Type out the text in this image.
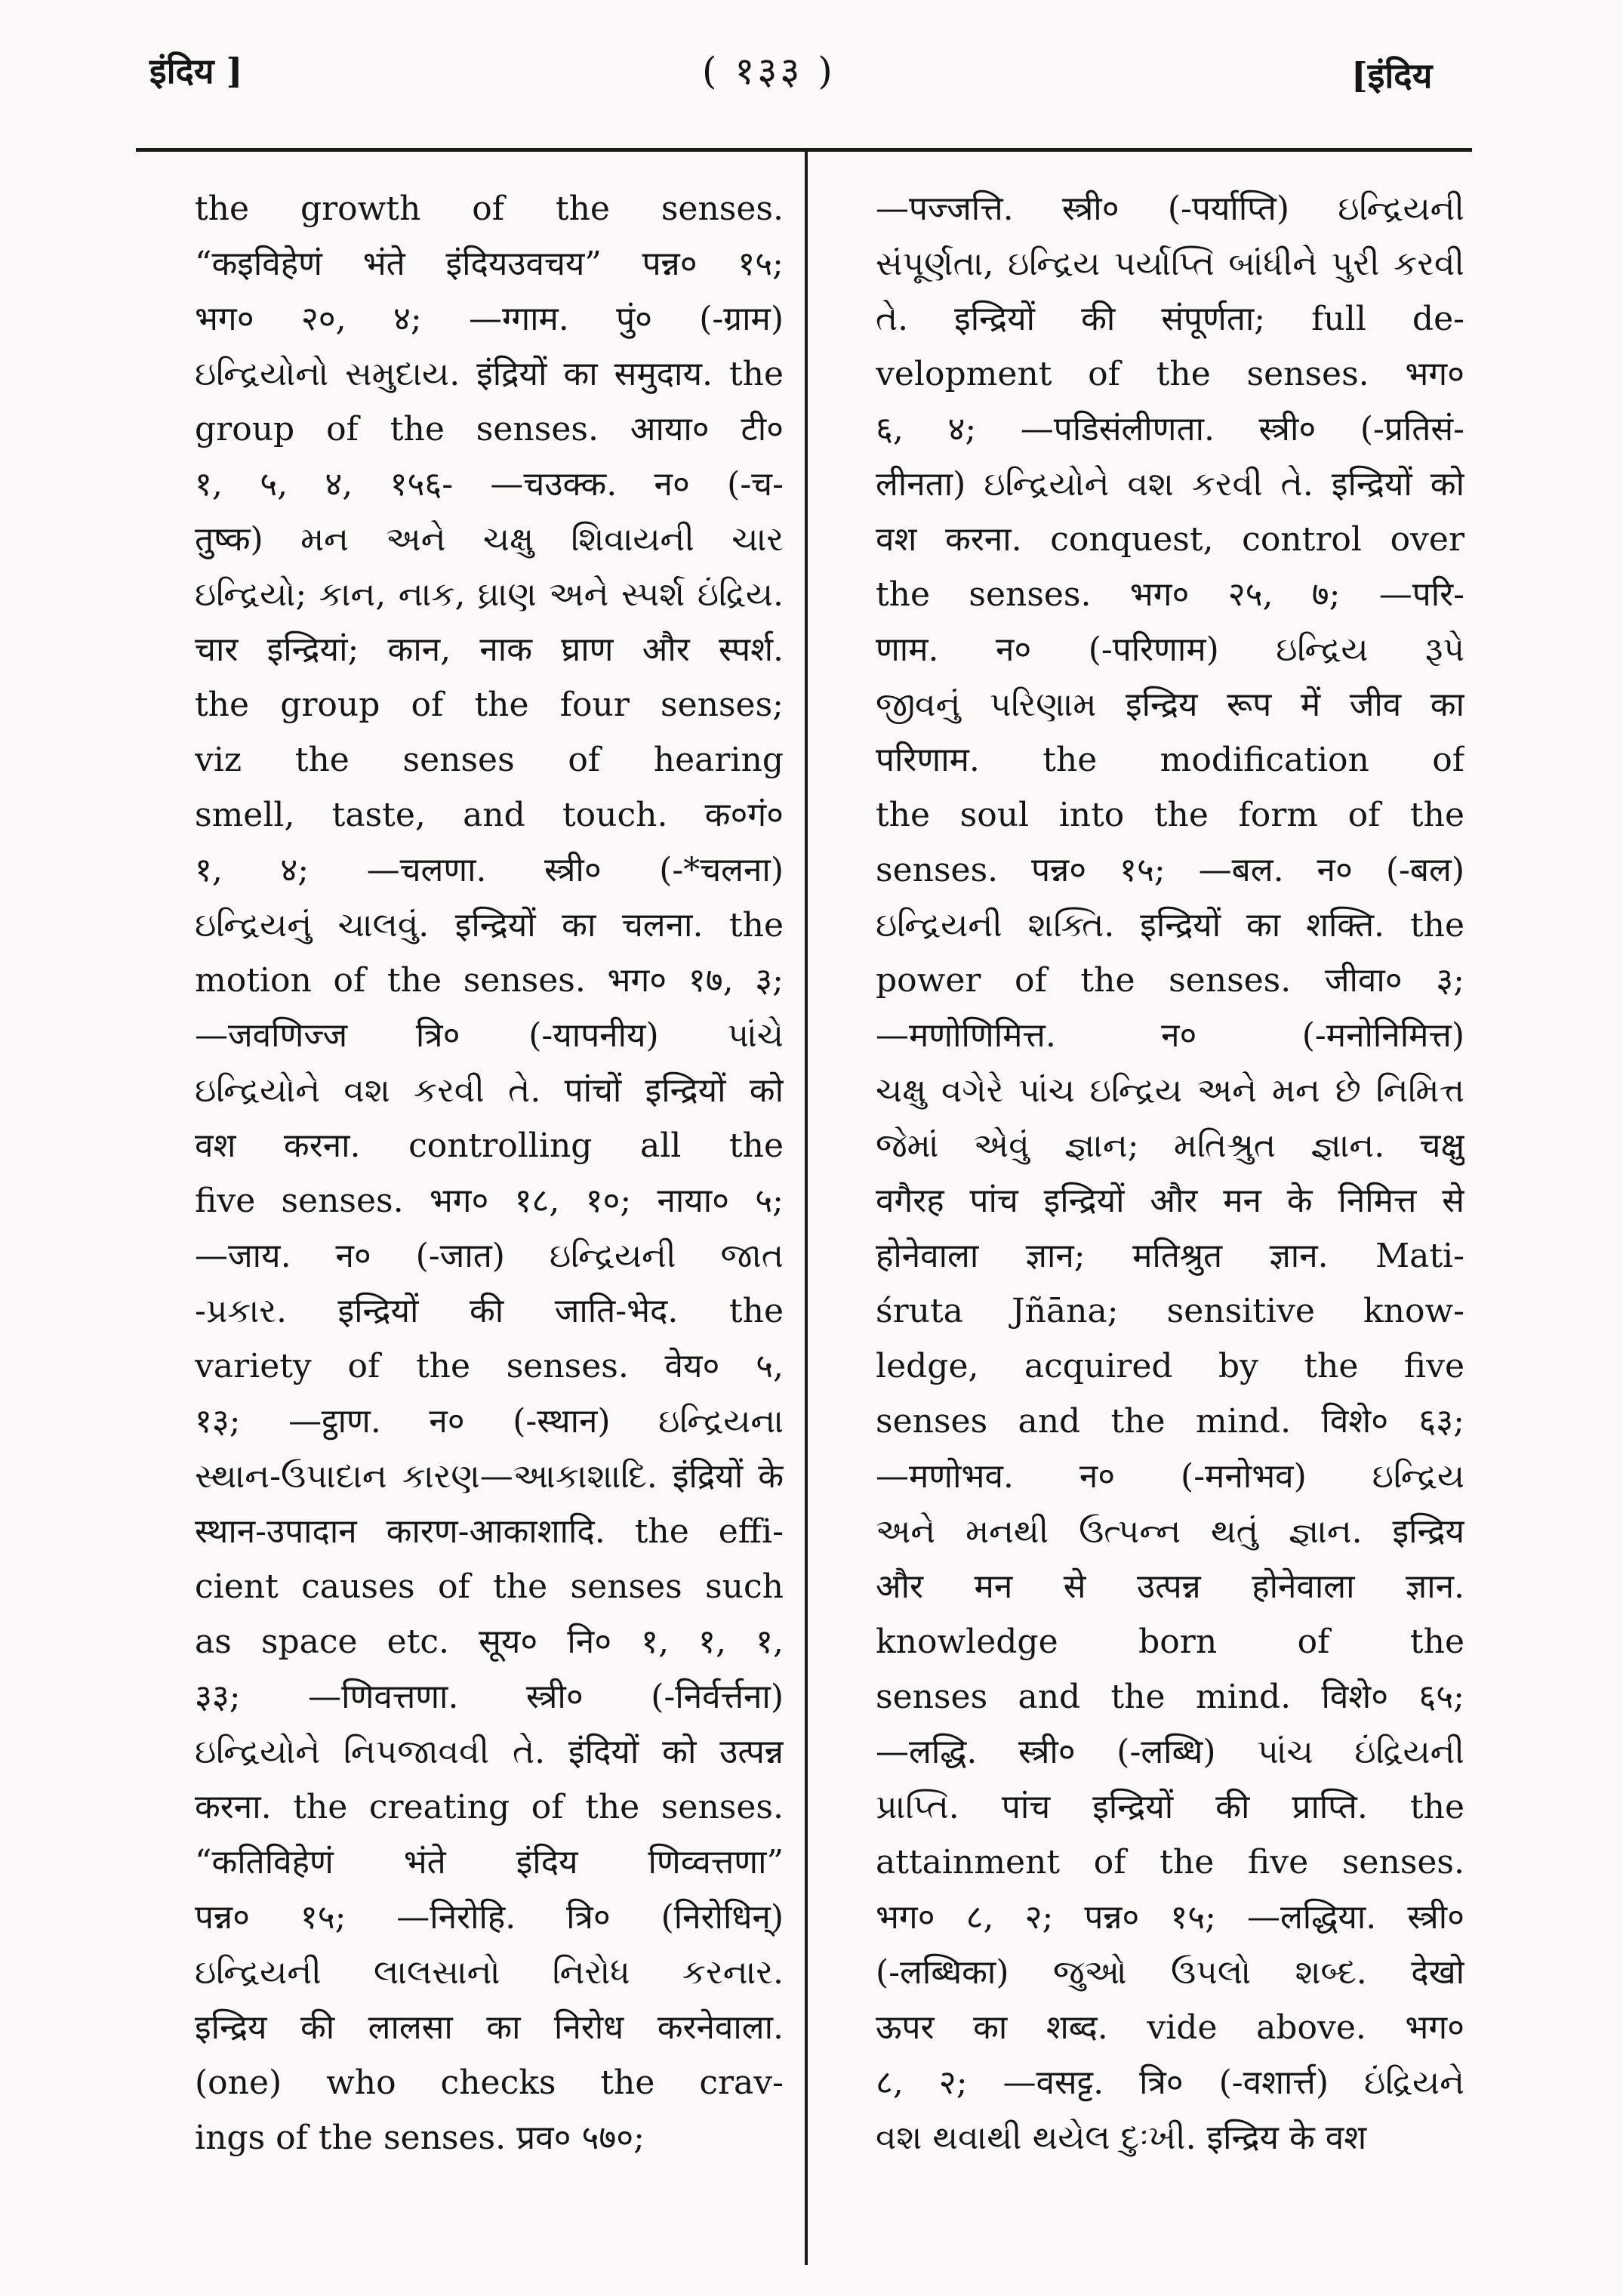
इंदिय ]	( १३३ )	[इंदिय
the growth of the senses.
“कइविहेणं भंते इंदियउवचय” पन्न० १५;
भग० २०, ४; —ग्गाम. पुं० (-ग्राम)
ઇન્દ્રિયોનો સમુદાય. इंद्रियों का समुदाय. the
group of the senses. आया० टी०
१, ५, ४, १५६- —चउक्क. न० (-च-
तुष्क) મન અને ચક્ષુ શિવાયની ચાર
ઇન્દ્રિયો; કાન, નાક, ઘ્રાણ અને સ્પર્શ ઇંદ્રિય.
चार इन्द्रियां; कान, नाक घ्राण और स्पर्श.
the group of the four senses;
viz the senses of hearing
smell, taste, and touch. क०गं०
१, ४; —चलणा. स्त्री० (-*चलना)
ઇન્દ્રિયનું ચાલવું. इन्द्रियों का चलना. the
motion of the senses. भग० १७, ३;
—जवणिज्ज त्रि० (-यापनीय) પાંચે
ઇન્દ્રિયોને વશ કરવી તે. पांचों इन्द्रियों को
वश करना. controlling all the
five senses. भग० १८, १०; नाया० ५;
—जाय. न० (-जात) ઇન્દ્રિયની જાત
-પ્રકાર. इन्द्रियों की जाति-भेद. the
variety of the senses. वेय० ५,
१३; —ट्ठाण. न० (-स्थान) ઇન્દ્રિયના
સ્થાન-ઉપાદાન કારણ—આકાશાદિ. इंद्रियों के
स्थान-उपादान कारण-आकाशादि. the effi-
cient causes of the senses such
as space etc. सूय० नि० १, १, १,
३३; —णिवत्तणा. स्त्री० (-निर्वर्त्तना)
ઇન્દ્રિયોને નિપજાવવી તે. इंदियों को उत्पन्न
करना. the creating of the senses.
“कतिविहेणं भंते इंदिय णिव्वत्तणा”
पन्न० १५; —निरोहि. त्रि० (निरोधिन्)
ઇન્દ્રિયની લાલસાનો નિરોધ કરનાર.
इन्द्रिय की लालसा का निरोध करनेवाला.
(one) who checks the crav-
ings of the senses. प्रव० ५७०;
—पज्जत्ति. स्त्री० (-पर्याप्ति) ઇન્દ્રિયની
સંપૂર્ણતા, ઇન્દ્રિય પર્યાપ્તિ બાંધીને પુરી કરવી
તે. इन्द्रियों की संपूर्णता; full de-
velopment of the senses. भग०
६, ४; —पडिसंलीणता. स्त्री० (-प्रतिसं-
लीनता) ઇન્દ્રિયોને વશ કરવી તે. इन्द्रियों को
वश करना. conquest, control over
the senses. भग० २५, ७; —परि-
णाम. न० (-परिणाम) ઇન્દ્રિય રૂપે
જીવનું પરિણામ इन्द्रिय रूप में जीव का
परिणाम. the modification of
the soul into the form of the
senses. पन्न० १५; —बल. न० (-बल)
ઇન્દ્રિયની શક્તિ. इन्द्रियों का शक्ति. the
power of the senses. जीवा० ३;
—मणोणिमित्त. न० (-मनोनिमित्त)
ચક્ષુ વગેરે પાંચ ઇન્દ્રિય અને મન છે નિમિત્ત
જેમાં એવું જ્ઞાન; મતિશ્રુત જ્ઞાન. चक्षु
वगैरह पांच इन्द्रियों और मन के निमित्त से
होनेवाला ज्ञान; मतिश्रुत ज्ञान. Mati-
śruta Jñāna; sensitive know-
ledge, acquired by the five
senses and the mind. विशे० ६३;
—मणोभव. न० (-मनोभव) ઇન્દ્રિય
અને મનથી ઉત્પન્ન થતું જ્ઞાન. इन्द्रिय
और मन से उत्पन्न होनेवाला ज्ञान.
knowledge born of the
senses and the mind. विशे० ६५;
—लद्धि. स्त्री० (-लब्धि) પાંચ ઇંદ્રિયની
પ્રાપ્તિ. पांच इन्द्रियों की प्राप्ति. the
attainment of the five senses.
भग० ८, २; पन्न० १५; —लद्धिया. स्त्री०
(-लब्धिका) જુઓ ઉપલો શબ્દ. देखो
ऊपर का शब्द. vide above. भग०
८, २; —वसट्ट. त्रि० (-वशार्त्त) ઇંદ્રિયને
વશ થવાથી થયેલ દુઃખી. इन्द्रिय के वश
